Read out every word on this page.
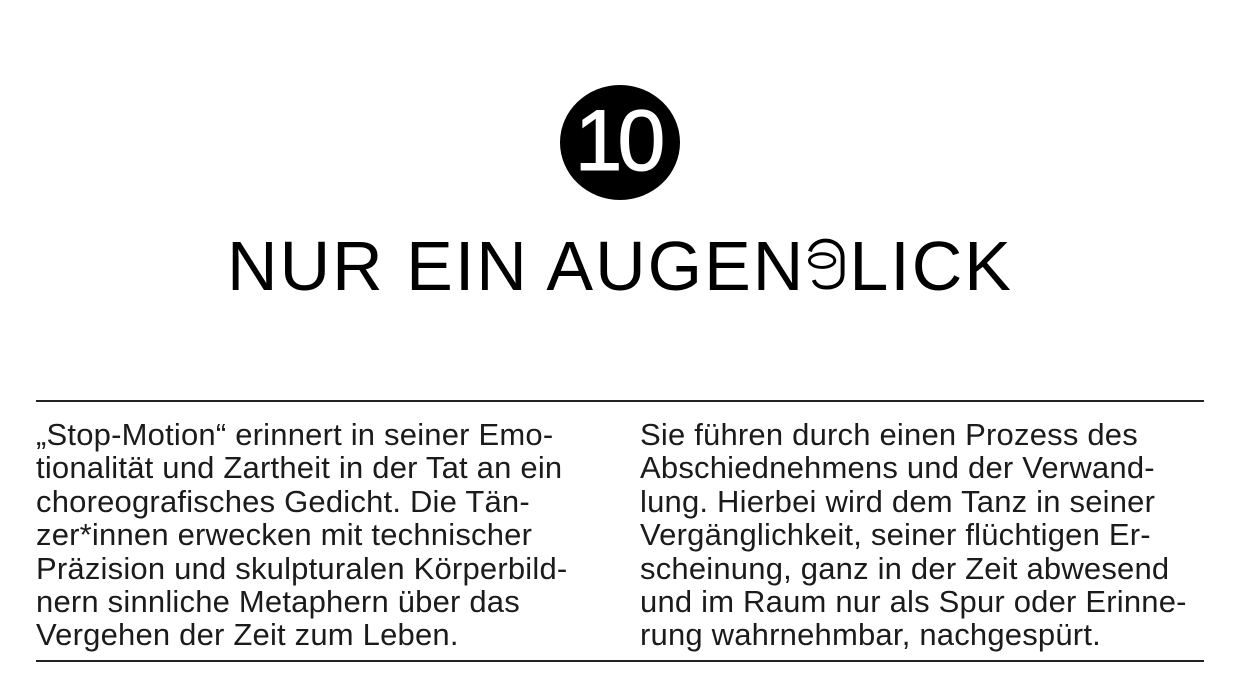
10
NUR EIN AUGEN LICK
„Stop-Motion“ erinnert in seiner Emo-
tionalität und Zartheit in der Tat an ein
choreografisches Gedicht. Die Tän-
zer*innen erwecken mit technischer
Präzision und skulpturalen Körperbild-
nern sinnliche Metaphern über das
Vergehen der Zeit zum Leben.
Sie führen durch einen Prozess des
Abschiednehmens und der Verwand-
lung. Hierbei wird dem Tanz in seiner
Vergänglichkeit, seiner flüchtigen Er-
scheinung, ganz in der Zeit abwesend
und im Raum nur als Spur oder Erinne-
rung wahrnehmbar, nachgespürt.
